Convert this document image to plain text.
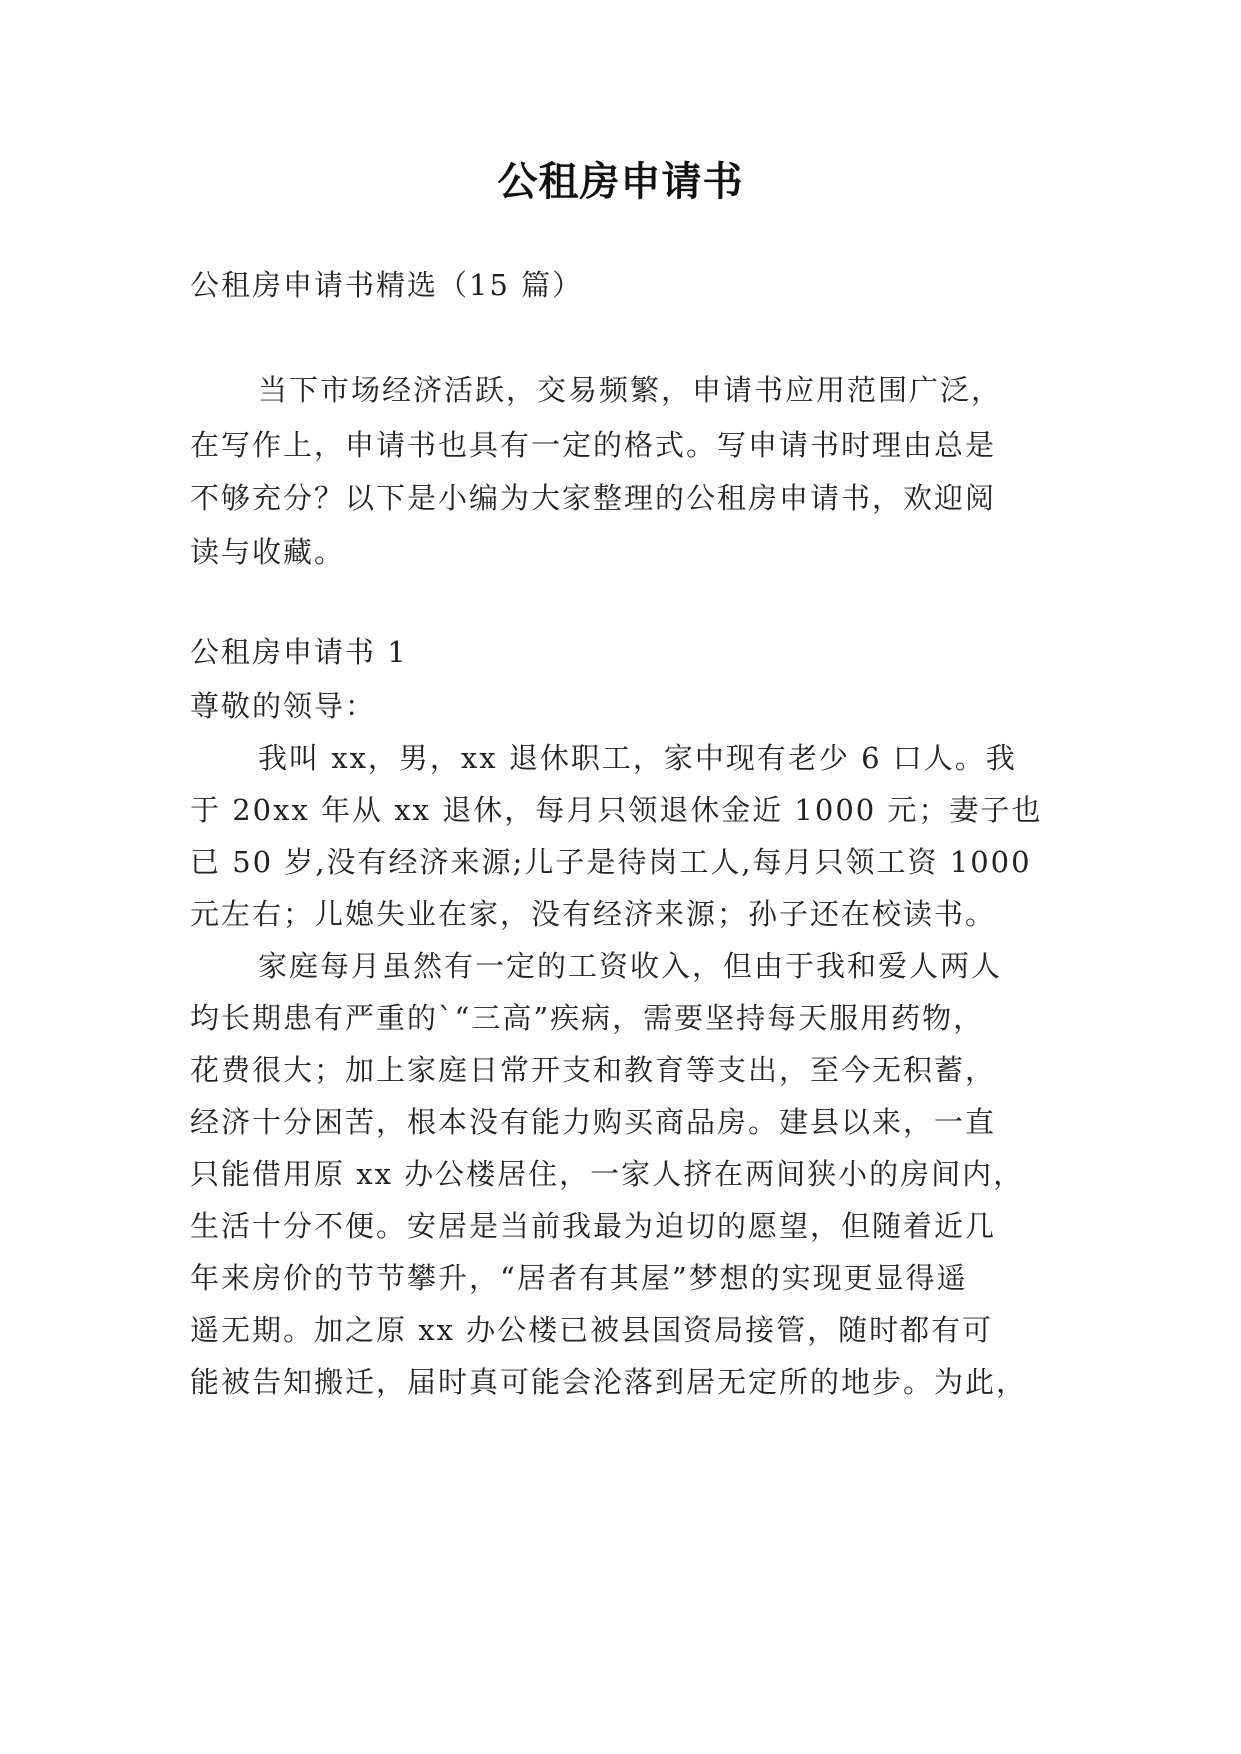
公租房申请书
公租房申请书精选（15 篇）
当下市场经济活跃，交易频繁，申请书应用范围广泛，
在写作上，申请书也具有一定的格式。写申请书时理由总是
不够充分？以下是小编为大家整理的公租房申请书，欢迎阅
读与收藏。
公租房申请书 1
尊敬的领导：
我叫 xx，男，xx 退休职工，家中现有老少 6 口人。我
于 20xx 年从 xx 退休，每月只领退休金近 1000 元；妻子也
已 50 岁,没有经济来源;儿子是待岗工人,每月只领工资 1000
元左右；儿媳失业在家，没有经济来源；孙子还在校读书。
家庭每月虽然有一定的工资收入，但由于我和爱人两人
均长期患有严重的`“三高”疾病，需要坚持每天服用药物，
花费很大；加上家庭日常开支和教育等支出，至今无积蓄，
经济十分困苦，根本没有能力购买商品房。建县以来，一直
只能借用原 xx 办公楼居住，一家人挤在两间狭小的房间内，
生活十分不便。安居是当前我最为迫切的愿望，但随着近几
年来房价的节节攀升，“居者有其屋”梦想的实现更显得遥
遥无期。加之原 xx 办公楼已被县国资局接管，随时都有可
能被告知搬迁，届时真可能会沦落到居无定所的地步。为此，
